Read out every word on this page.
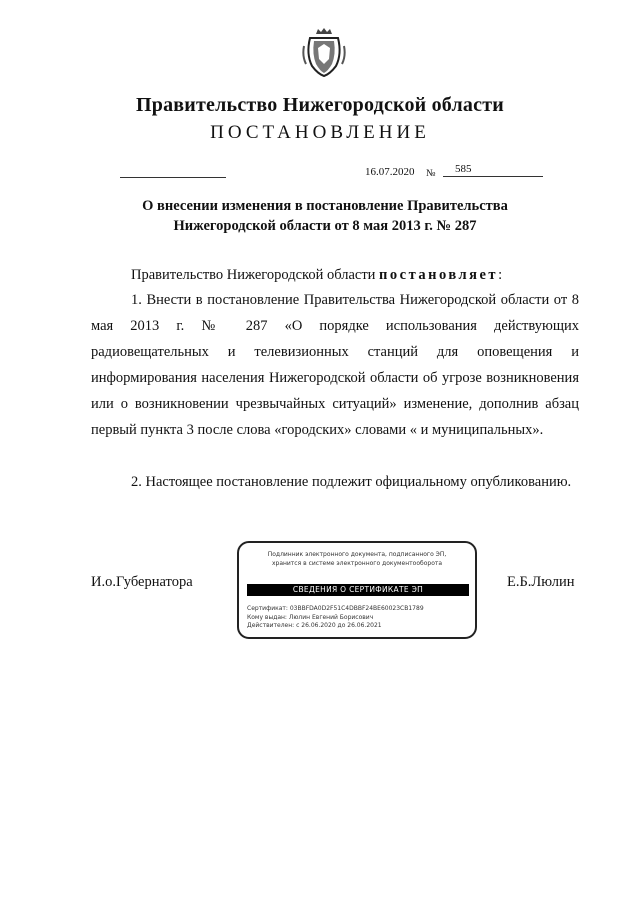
Правительство Нижегородской области
ПОСТАНОВЛЕНИЕ
16.07.2020 № 585
О внесении изменения в постановление Правительства
Нижегородской области от 8 мая 2013 г. № 287

Правительство Нижегородской области постановляет:

1. Внести в постановление Правительства Нижегородской области от 8 мая 2013 г. № 287 «О порядке использования действующих радиовещательных и телевизионных станций для оповещения и информирования населения Нижегородской области об угрозе возникновения или о возникновении чрезвычайных ситуаций» изменение, дополнив абзац первый пункта 3 после слова «городских» словами « и муниципальных».

2. Настоящее постановление подлежит официальному опубликованию.

И.о.Губернатора	Е.Б.Люлин
Подлинник электронного документа, подписанного ЭП,
хранится в системе электронного документооборота
СВЕДЕНИЯ О СЕРТИФИКАТЕ ЭП
Сертификат: 03BBFDA0D2F51C4DBBF24BE60023CB1789
Кому выдан: Люлин Евгений Борисович
Действителен: с 26.06.2020 до 26.06.2021
